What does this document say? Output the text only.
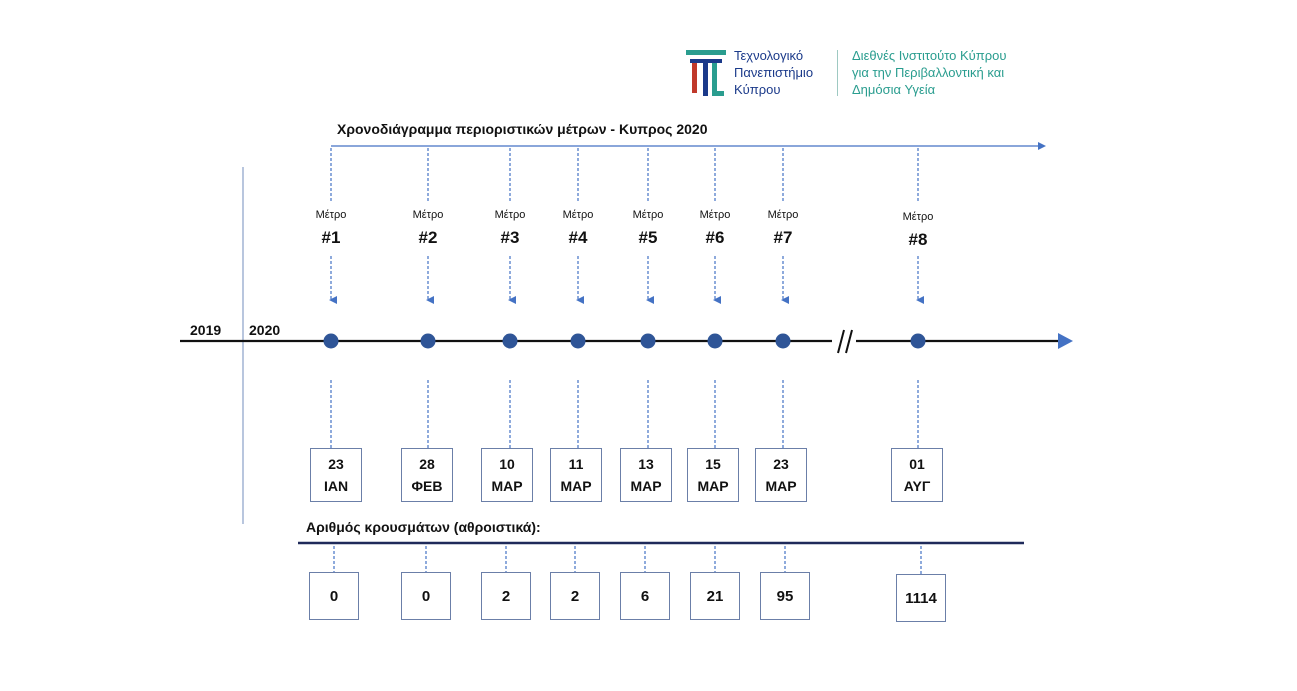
Τεχνολογικό
Πανεπιστήμιο
Κύπρου
Διεθνές Ινστιτούτο Κύπρου
για την Περιβαλλοντική και
Δημόσια Υγεία
Χρονοδιάγραμμα περιοριστικών μέτρων - Κυπρος 2020
2019 2020
Αριθμός κρουσμάτων (αθροιστικά):
Μέτρο
#1
23
ΙΑΝ
0
Μέτρο
#2
28
ΦΕΒ
0
Μέτρο
#3
10
ΜΑΡ
2
Μέτρο
#4
11
ΜΑΡ
2
Μέτρο
#5
13
ΜΑΡ
6
Μέτρο
#6
15
ΜΑΡ
21
Μέτρο
#7
23
ΜΑΡ
95
Μέτρο
#8
01
ΑΥΓ
1114
